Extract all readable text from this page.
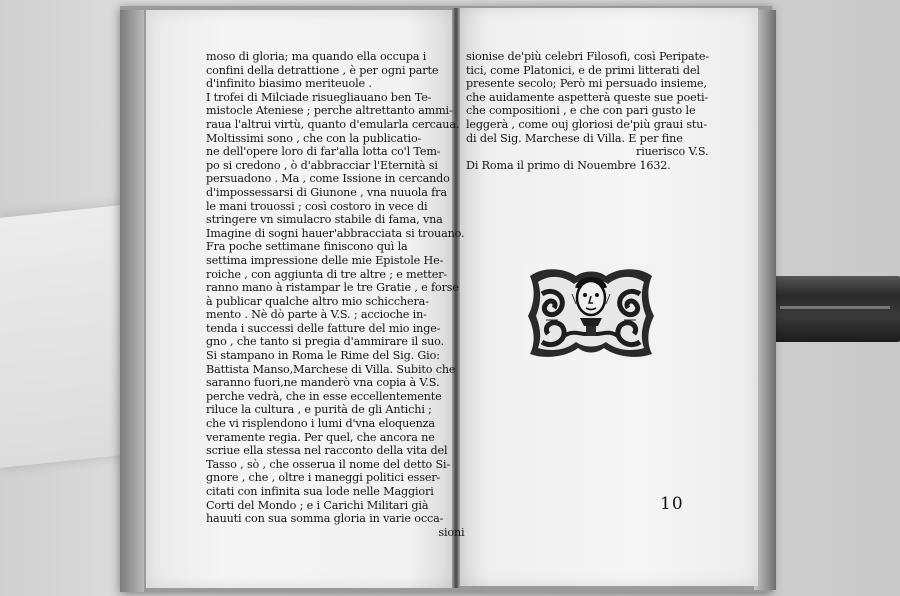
moso di gloria; ma quando ella occupa i
confini della detrattione , è per ogni parte
d'infinito biasimo meriteuole .
I trofei di Milciade risuegliauano ben Te-
mistocle Ateniese ; perche altrettanto ammi-
raua l'altrui virtù, quanto d'emularla cercaua.
Moltissimi sono , che con la publicatio-
ne dell'opere loro di far'alla lotta co'l Tem-
po si credono , ò d'abbracciar l'Eternità si
persuadono . Ma , come Issione in cercando
d'impossessarsi di Giunone , vna nuuola fra
le mani trouossi ; così costoro in vece di
stringere vn simulacro stabile di fama, vna
Imagine di sogni hauer'abbracciata si trouano.
Fra poche settimane finiscono quì la
settima impressione delle mie Epistole He-
roiche , con aggiunta di tre altre ; e metter-
ranno mano à ristampar le tre Gratie , e forse
à publicar qualche altro mio schicchera-
mento . Nè dò parte à V.S. ; accioche in-
tenda i successi delle fatture del mio inge-
gno , che tanto si pregia d'ammirare il suo.
Si stampano in Roma le Rime del Sig. Gio:
Battista Manso,Marchese di Villa. Subito che
saranno fuori,ne manderò vna copia à V.S.
perche vedrà, che in esse eccellentemente
riluce la cultura , e purità de gli Antichi ;
che vi risplendono i lumi d'vna eloquenza
veramente regia. Per quel, che ancora ne
scriue ella stessa nel racconto della vita del
Tasso , sò , che osserua il nome del detto Si-
gnore , che , oltre i maneggi politici esser-
citati con infinita sua lode nelle Maggiori
Corti del Mondo ; e i Carichi Militari già
hauuti con sua somma gloria in varie occa-
sioni
sionise de'più celebri Filosofi, così Peripate-
tici, come Platonici, e de primi litterati del
presente secolo; Però mi persuado insieme,
che auidamente aspetterà queste sue poeti-
che compositioni , e che con pari gusto le
leggerà , come ouj gloriosi de'più graui stu-
di del Sig. Marchese di Villa. E per fine
riuerisco V.S.
Di Roma il primo di Nouembre 1632.
10
